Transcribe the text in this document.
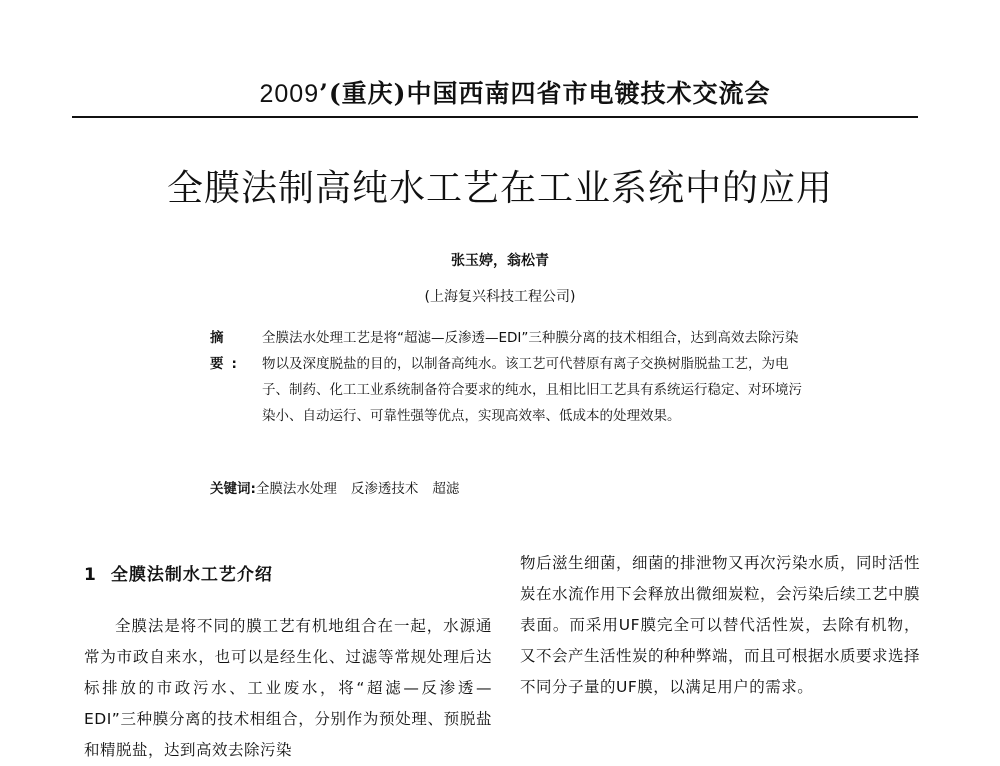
2009’(重庆)中国西南四省市电镀技术交流会
全膜法制高纯水工艺在工业系统中的应用
张玉婷，翁松青
(上海复兴科技工程公司)
摘要:
全膜法水处理工艺是将“超滤—反渗透—EDI”三种膜分离的技术相组合，达到高效去除污染物以及深度脱盐的目的，以制备高纯水。该工艺可代替原有离子交换树脂脱盐工艺，为电子、制药、化工工业系统制备符合要求的纯水，且相比旧工艺具有系统运行稳定、对环境污染小、自动运行、可靠性强等优点，实现高效率、低成本的处理效果。
关键词:全膜法水处理 反渗透技术 超滤
1 全膜法制水工艺介绍

全膜法是将不同的膜工艺有机地组合在一起，水源通常为市政自来水，也可以是经生化、过滤等常规处理后达标排放的市政污水、工业废水，将“超滤—反渗透—EDI”三种膜分离的技术相组合，分别作为预处理、预脱盐和精脱盐，达到高效去除污染

物后滋生细菌，细菌的排泄物又再次污染水质，同时活性炭在水流作用下会释放出微细炭粒，会污染后续工艺中膜表面。而采用UF膜完全可以替代活性炭，去除有机物，又不会产生活性炭的种种弊端，而且可根据水质要求选择不同分子量的UF膜，以满足用户的需求。
